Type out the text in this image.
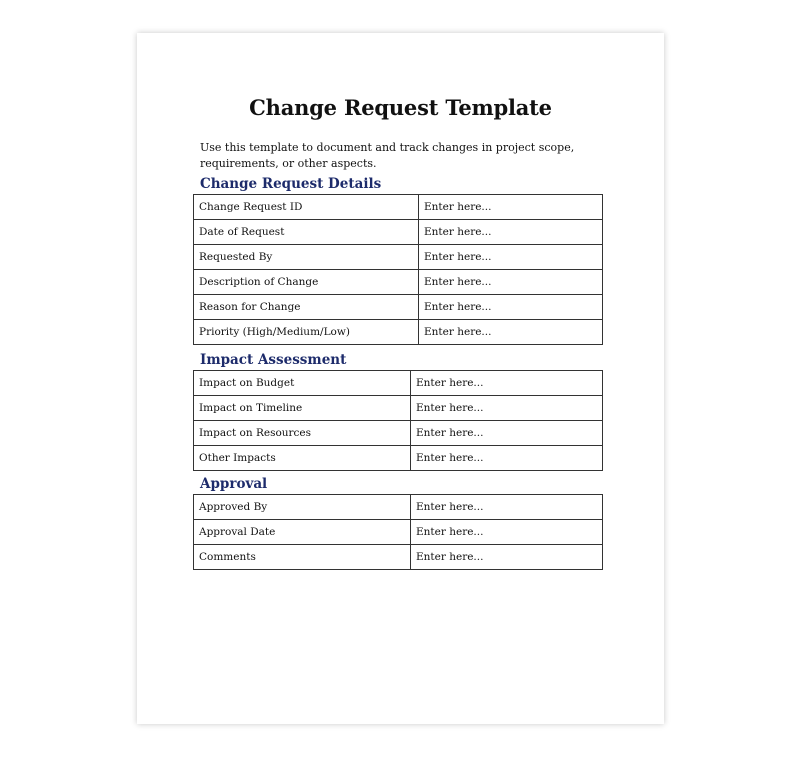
Change Request Template
Use this template to document and track changes in project scope, requirements, or other aspects.
Change Request Details
Change Request ID	Enter here...
Date of Request	Enter here...
Requested By	Enter here...
Description of Change	Enter here...
Reason for Change	Enter here...
Priority (High/Medium/Low)	Enter here...
Impact Assessment
Impact on Budget	Enter here...
Impact on Timeline	Enter here...
Impact on Resources	Enter here...
Other Impacts	Enter here...
Approval
Approved By	Enter here...
Approval Date	Enter here...
Comments	Enter here...
